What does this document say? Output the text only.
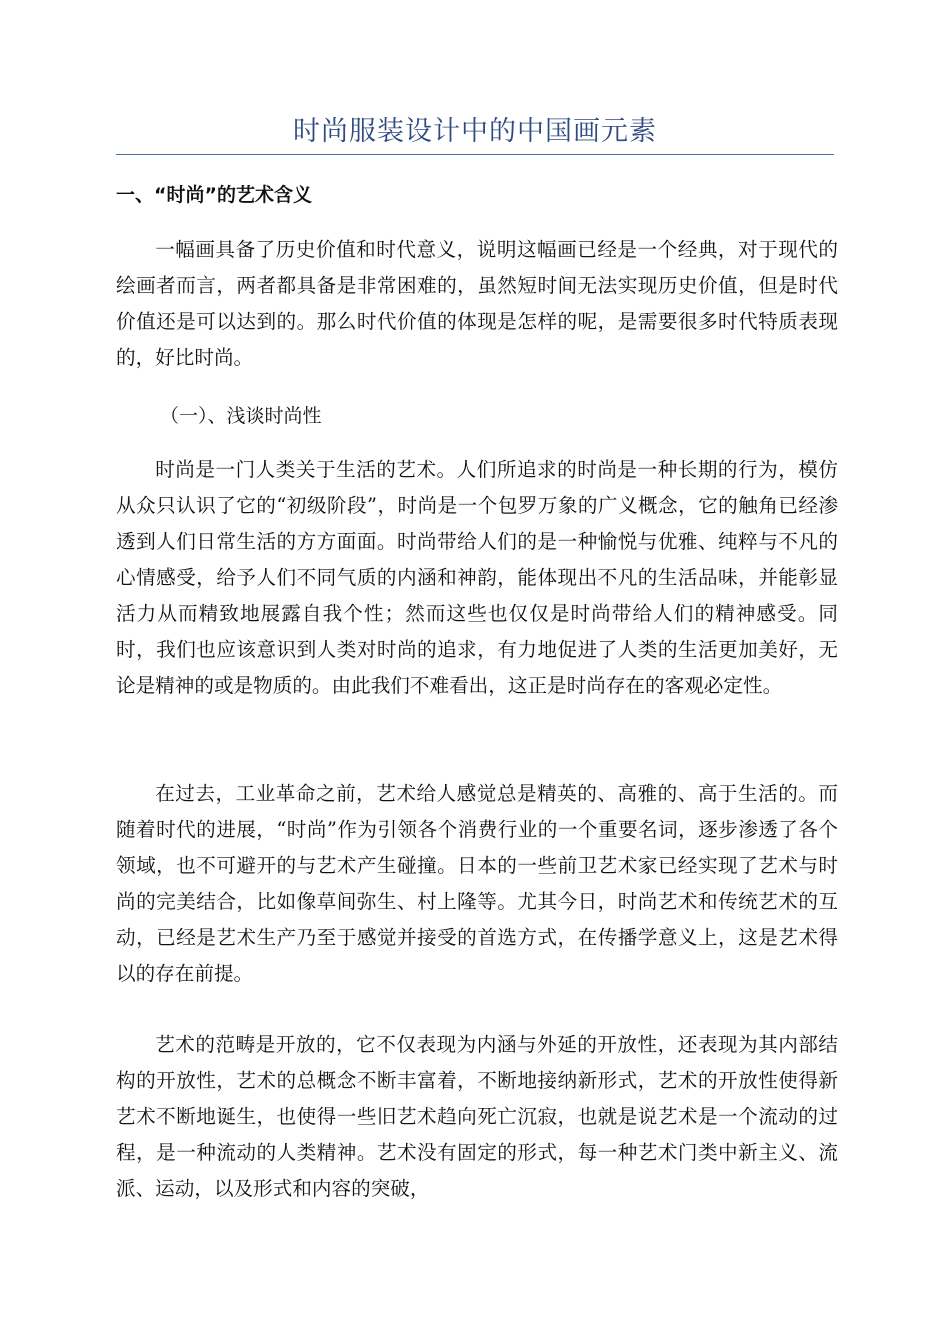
时尚服装设计中的中国画元素
一、“时尚”的艺术含义

一幅画具备了历史价值和时代意义，说明这幅画已经是一个经典，对于现代的绘画者而言，两者都具备是非常困难的，虽然短时间无法实现历史价值，但是时代价值还是可以达到的。那么时代价值的体现是怎样的呢，是需要很多时代特质表现的，好比时尚。

（一）、浅谈时尚性

时尚是一门人类关于生活的艺术。人们所追求的时尚是一种长期的行为，模仿从众只认识了它的“初级阶段”，时尚是一个包罗万象的广义概念，它的触角已经渗透到人们日常生活的方方面面。时尚带给人们的是一种愉悦与优雅、纯粹与不凡的心情感受，给予人们不同气质的内涵和神韵，能体现出不凡的生活品味，并能彰显活力从而精致地展露自我个性；然而这些也仅仅是时尚带给人们的精神感受。同时，我们也应该意识到人类对时尚的追求，有力地促进了人类的生活更加美好，无论是精神的或是物质的。由此我们不难看出，这正是时尚存在的客观必定性。

在过去，工业革命之前，艺术给人感觉总是精英的、高雅的、高于生活的。而随着时代的进展，“时尚”作为引领各个消费行业的一个重要名词，逐步渗透了各个领域，也不可避开的与艺术产生碰撞。日本的一些前卫艺术家已经实现了艺术与时尚的完美结合，比如像草间弥生、村上隆等。尤其今日，时尚艺术和传统艺术的互动，已经是艺术生产乃至于感觉并接受的首选方式，在传播学意义上，这是艺术得以的存在前提。

艺术的范畴是开放的，它不仅表现为内涵与外延的开放性，还表现为其内部结构的开放性，艺术的总概念不断丰富着，不断地接纳新形式，艺术的开放性使得新艺术不断地诞生，也使得一些旧艺术趋向死亡沉寂，也就是说艺术是一个流动的过程，是一种流动的人类精神。艺术没有固定的形式，每一种艺术门类中新主义、流派、运动，以及形式和内容的突破，
